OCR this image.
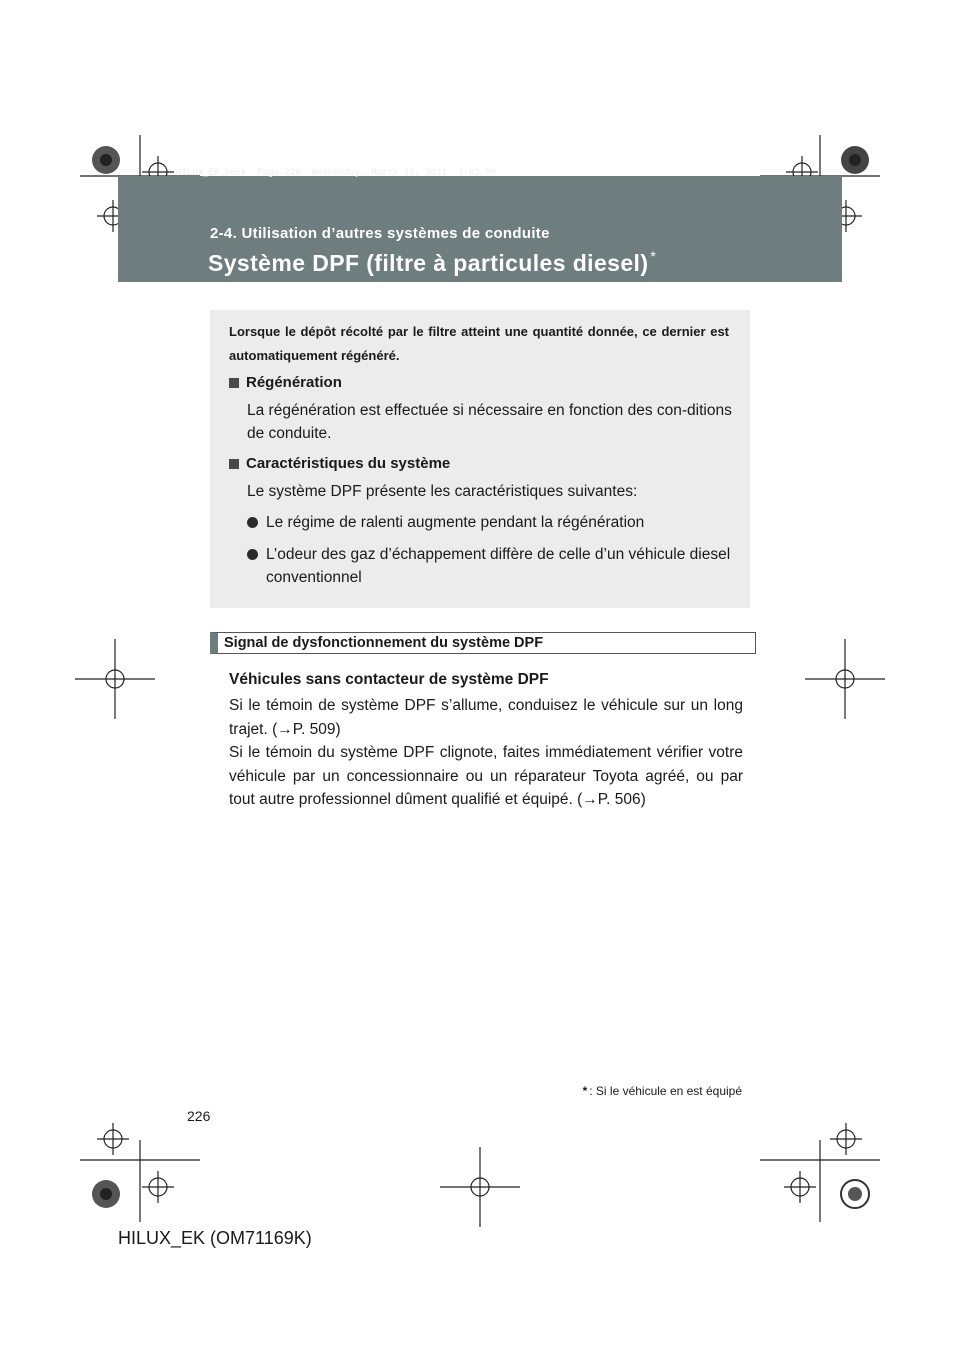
HILUX_EK.book  Page 226  Wednesday, March 23, 2011  3:03 PM
2-4. Utilisation d’autres systèmes de conduite
Système DPF (filtre à particules diesel) *
Lorsque le dépôt récolté par le filtre atteint une quantité donnée, ce dernier est automatiquement régénéré.
Régénération
La régénération est effectuée si nécessaire en fonction des con-ditions de conduite.
Caractéristiques du système
Le système DPF présente les caractéristiques suivantes:
Le régime de ralenti augmente pendant la régénération
L’odeur des gaz d’échappement diffère de celle d’un véhicule diesel conventionnel
Signal de dysfonctionnement du système DPF
Véhicules sans contacteur de système DPF
Si le témoin de système DPF s’allume, conduisez le véhicule sur un long trajet. (→P. 509)
Si le témoin du système DPF clignote, faites immédiatement vérifier votre véhicule par un concessionnaire ou un réparateur Toyota agréé, ou par tout autre professionnel dûment qualifié et équipé. (→P. 506)
* : Si le véhicule en est équipé
226
HILUX_EK (OM71169K)
